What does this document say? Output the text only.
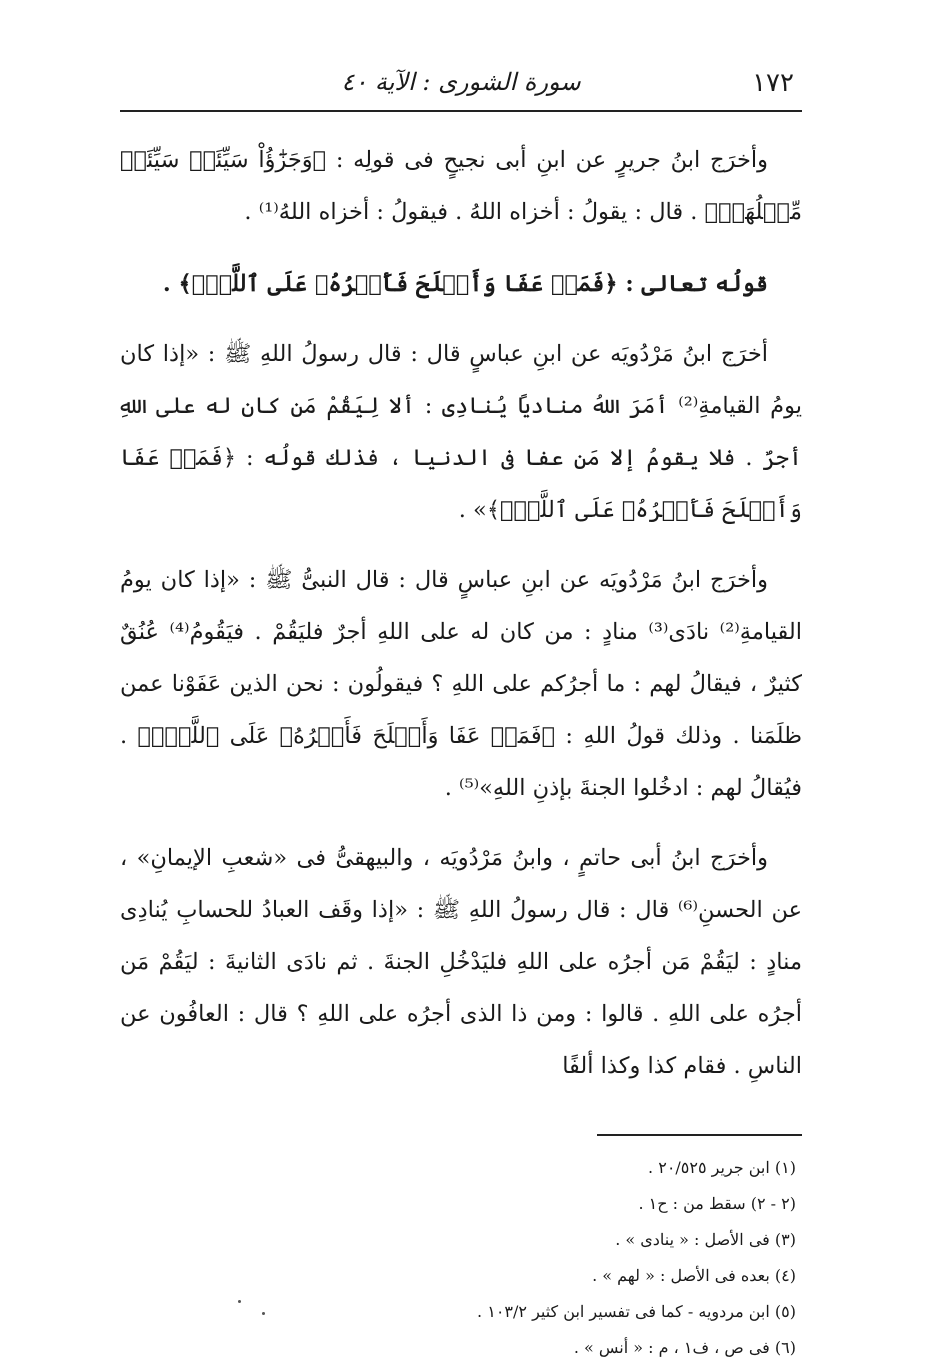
١٧٢
سورة الشورى : الآية ٤٠

وأخرَج ابنُ جريرٍ عن ابنِ أبى نجيحٍ فى قولِه : ﴿وَجَزَٰٓؤُاْ سَيِّئَةٖ سَيِّئَةٞ مِّثۡلُهَاۖ﴾ . قال : يقولُ : أخزاه اللهُ . فيقولُ : أخزاه اللهُ⁽¹⁾ .

قولُه تعالى : ﴿فَمَنۡ عَفَا وَأَصۡلَحَ فَأَجۡرُهُۥ عَلَى ٱللَّهِۚ﴾ .

أخرَج ابنُ مَرْدُويَه عن ابنِ عباسٍ قال : قال رسولُ اللهِ ﷺ : «إذا كان يومُ القيامةِ⁽²⁾ أمَرَ اللهُ مناديًا يُنادِى : ألا لِيَقُمْ مَن كان له على اللهِ أجرٌ . فلا يقومُ إلا مَن عفا فى الدنيا ، فذلك قولُه : ﴿فَمَنۡ عَفَا وَأَصۡلَحَ فَأَجۡرُهُۥ عَلَى ٱللَّهِۚ﴾» .

وأخرَج ابنُ مَرْدُويَه عن ابنِ عباسٍ قال : قال النبىُّ ﷺ : «إذا كان يومُ القيامةِ⁽²⁾ نادَى⁽³⁾ منادٍ : من كان له على اللهِ أجرٌ فليَقُمْ . فيَقُومُ⁽⁴⁾ عُنُقٌ كثيرٌ ، فيقالُ لهم : ما أجرُكم على اللهِ ؟ فيقولُون : نحن الذين عَفَوْنا عمن ظلَمَنا . وذلك قولُ اللهِ : ﴿فَمَنۡ عَفَا وَأَصۡلَحَ فَأَجۡرُهُۥ عَلَى ٱللَّهِۚ﴾ . فيُقالُ لهم : ادخُلوا الجنةَ بإذنِ اللهِ»⁽⁵⁾ .

وأخرَج ابنُ أبى حاتمٍ ، وابنُ مَرْدُويَه ، والبيهقىُّ فى «شعبِ الإيمانِ» ، عن الحسنِ⁽⁶⁾ قال : قال رسولُ اللهِ ﷺ : «إذا وقَف العبادُ للحسابِ يُنادِى منادٍ : ليَقُمْ مَن أجرُه على اللهِ فليَدْخُلِ الجنةَ . ثم نادَى الثانيةَ : ليَقُمْ مَن أجرُه على اللهِ . قالوا : ومن ذا الذى أجرُه على اللهِ ؟ قال : العافُون عن الناسِ . فقام كذا وكذا ألفًا

(١) ابن جرير ٢٠/٥٢٥ .
(٢ - ٢) سقط من : ح١ .
(٣) فى الأصل : « ينادى » .
(٤) بعده فى الأصل : « لهم » .
(٥) ابن مردويه - كما فى تفسير ابن كثير ١٠٣/٢ .
(٦) فى ص ، ف١ ، م : « أنس » .
